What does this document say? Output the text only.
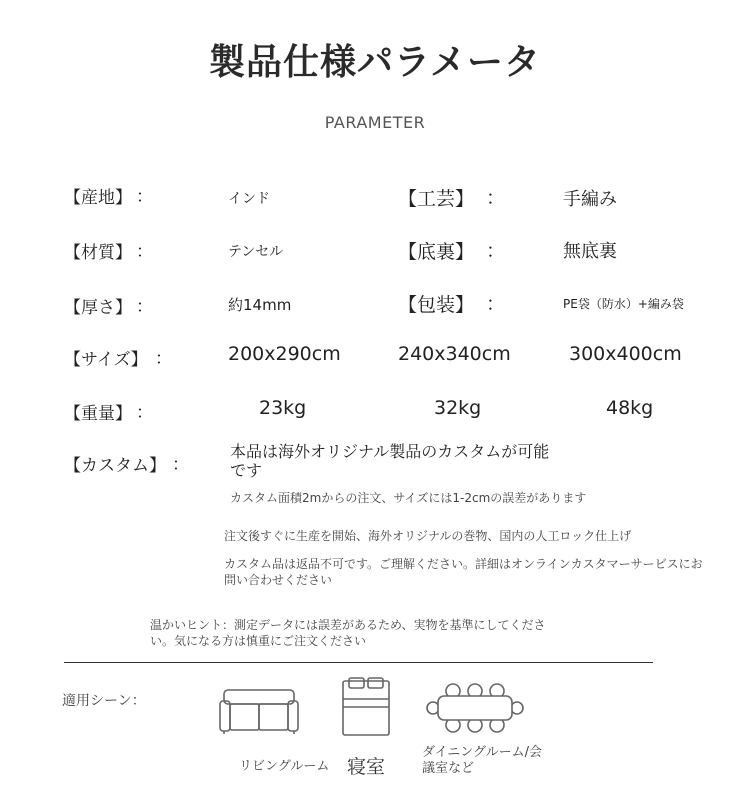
製品仕様パラメータ
PARAMETER
【産地】 ：	インド	【工芸】 ：	手編み
【材質】 ：	テンセル	【底裏】 ：	無底裏
【厚さ】 ：	約14mm	【包装】 ：	PE袋（防水）+編み袋
【サイズ】 ：	200x290cm	240x340cm	300x400cm
【重量】 ：	23kg	32kg	48kg
【カスタム】 ：
本品は海外オリジナル製品のカスタムが可能です
カスタム面積2mからの注文、サイズには1-2cmの誤差があります
注文後すぐに生産を開始、海外オリジナルの巻物、国内の人工ロック仕上げ
カスタム品は返品不可です。ご理解ください。詳細はオンラインカスタマーサービスにお問い合わせください
温かいヒント：測定データには誤差があるため、実物を基準にしてください。気になる方は慎重にご注文ください
適用シーン：
リビングルーム 寝室
ダイニングルーム/会議室など
